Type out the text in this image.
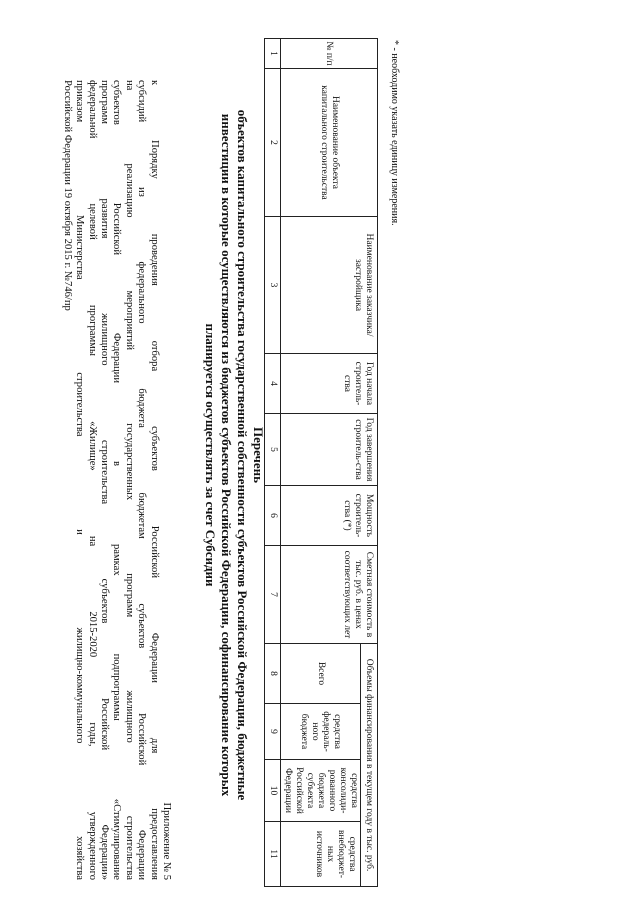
Приложение № 5
к Порядку проведения отбора субъектов Российской Федерации для предоставления
субсидий из федерального бюджета бюджетам субъектов Российской Федерации
на реализацию мероприятий государственных программ жилищного строительства
субъектов Российской Федерации в рамках подпрограммы «Стимулирование
программ развития жилищного строительства субъектов Российской Федерации»
федеральной целевой программы «Жилище» на 2015-2020 годы, утвержденного
приказом Министерства строительства и жилищно-коммунального хозяйства
Российской Федерации 19 октября 2015 г. №746/пр
Перечень
объектов капитального строительства государственной собственности субъектов Российской Федерации, бюджетные
инвестиции в которые осуществляются из бюджетов субъектов Российской Федерации, софинансирование которых
планируется осуществлять за счет Субсидии
№ п/п	Наименование объекта капитального строительства	Наименование заказчика/ застройщика	Год начала строитель-ства	Год завершения строитель-ства	Мощность строитель-ства (*)	Сметная стоимость в тыс. руб. в ценах соответствующих лет	Объемы финансирования в текущем году в тыс. руб.			
							Всего	средства федераль-ного бюджета	средства консолиди-рованного бюджета субъекта Российской Федерации	средства внебюджет-ных источников
1	2	3	4	5	6	7	8	9	10	11
* - необходимо указать единицу измерения.
